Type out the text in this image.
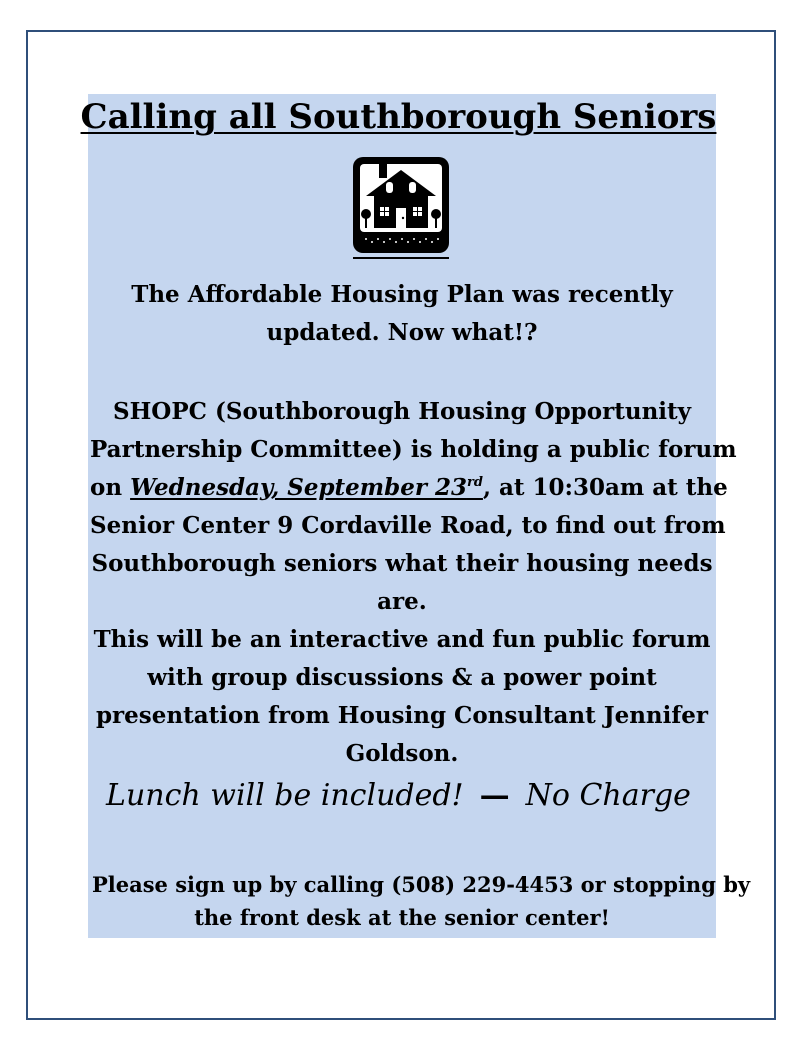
Calling all Southborough Seniors
The Affordable Housing Plan was recently
updated. Now what!?
SHOPC (Southborough Housing Opportunity
Partnership Committee) is holding a public forum
on Wednesday, September 23rd, at 10:30am at the
Senior Center 9 Cordaville Road, to find out from
Southborough seniors what their housing needs
are.
This will be an interactive and fun public forum
with group discussions & a power point
presentation from Housing Consultant Jennifer
Goldson.
Lunch will be included! — No Charge
Please sign up by calling (508) 229-4453 or stopping by
the front desk at the senior center!
